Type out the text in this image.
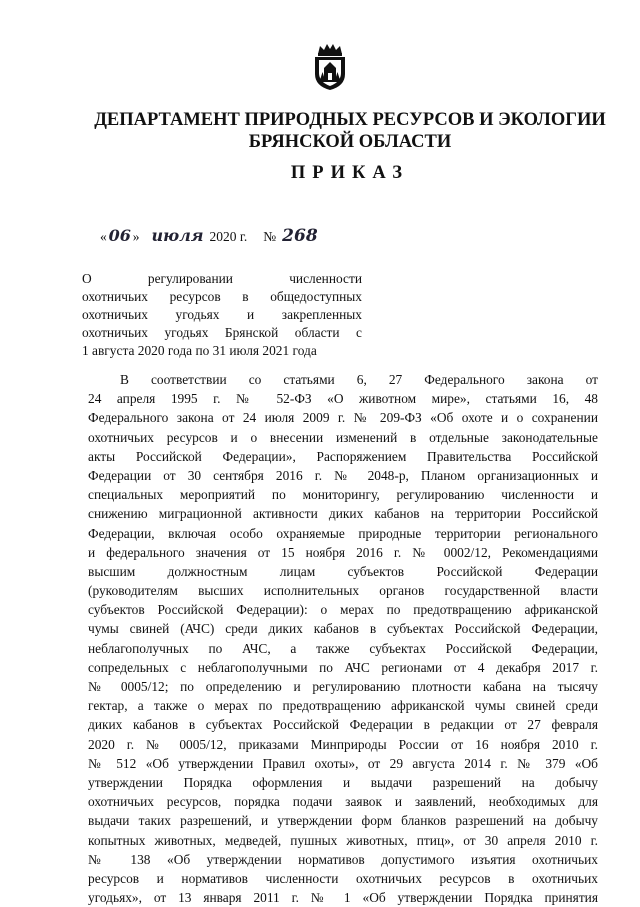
ДЕПАРТАМЕНТ ПРИРОДНЫХ РЕСУРСОВ И ЭКОЛОГИИ
БРЯНСКОЙ ОБЛАСТИ
ПРИКАЗ
« 06 » июля 2020 г. № 268
О регулировании численности
охотничьих ресурсов в общедоступных
охотничьих угодьях и закрепленных
охотничьих угодьях Брянской области с
1 августа 2020 года по 31 июля 2021 года
В соответствии со статьями 6, 27 Федерального закона от
24 апреля 1995 г. № 52-ФЗ «О животном мире», статьями 16, 48
Федерального закона от 24 июля 2009 г. № 209-ФЗ «Об охоте и о сохранении
охотничьих ресурсов и о внесении изменений в отдельные законодательные
акты Российской Федерации», Распоряжением Правительства Российской
Федерации от 30 сентября 2016 г. № 2048-р, Планом организационных и
специальных мероприятий по мониторингу, регулированию численности и
снижению миграционной активности диких кабанов на территории Российской
Федерации, включая особо охраняемые природные территории регионального
и федерального значения от 15 ноября 2016 г. № 0002/12, Рекомендациями
высшим должностным лицам субъектов Российской Федерации
(руководителям высших исполнительных органов государственной власти
субъектов Российской Федерации): о мерах по предотвращению африканской
чумы свиней (АЧС) среди диких кабанов в субъектах Российской Федерации,
неблагополучных по АЧС, а также субъектах Российской Федерации,
сопредельных с неблагополучными по АЧС регионами от 4 декабря 2017 г.
№ 0005/12; по определению и регулированию плотности кабана на тысячу
гектар, а также о мерах по предотвращению африканской чумы свиней среди
диких кабанов в субъектах Российской Федерации в редакции от 27 февраля
2020 г. № 0005/12, приказами Минприроды России от 16 ноября 2010 г.
№ 512 «Об утверждении Правил охоты», от 29 августа 2014 г. № 379 «Об
утверждении Порядка оформления и выдачи разрешений на добычу
охотничьих ресурсов, порядка подачи заявок и заявлений, необходимых для
выдачи таких разрешений, и утверждении форм бланков разрешений на добычу
копытных животных, медведей, пушных животных, птиц», от 30 апреля 2010 г.
№ 138 «Об утверждении нормативов допустимого изъятия охотничьих
ресурсов и нормативов численности охотничьих ресурсов в охотничьих
угодьях», от 13 января 2011 г. № 1 «Об утверждении Порядка принятия
